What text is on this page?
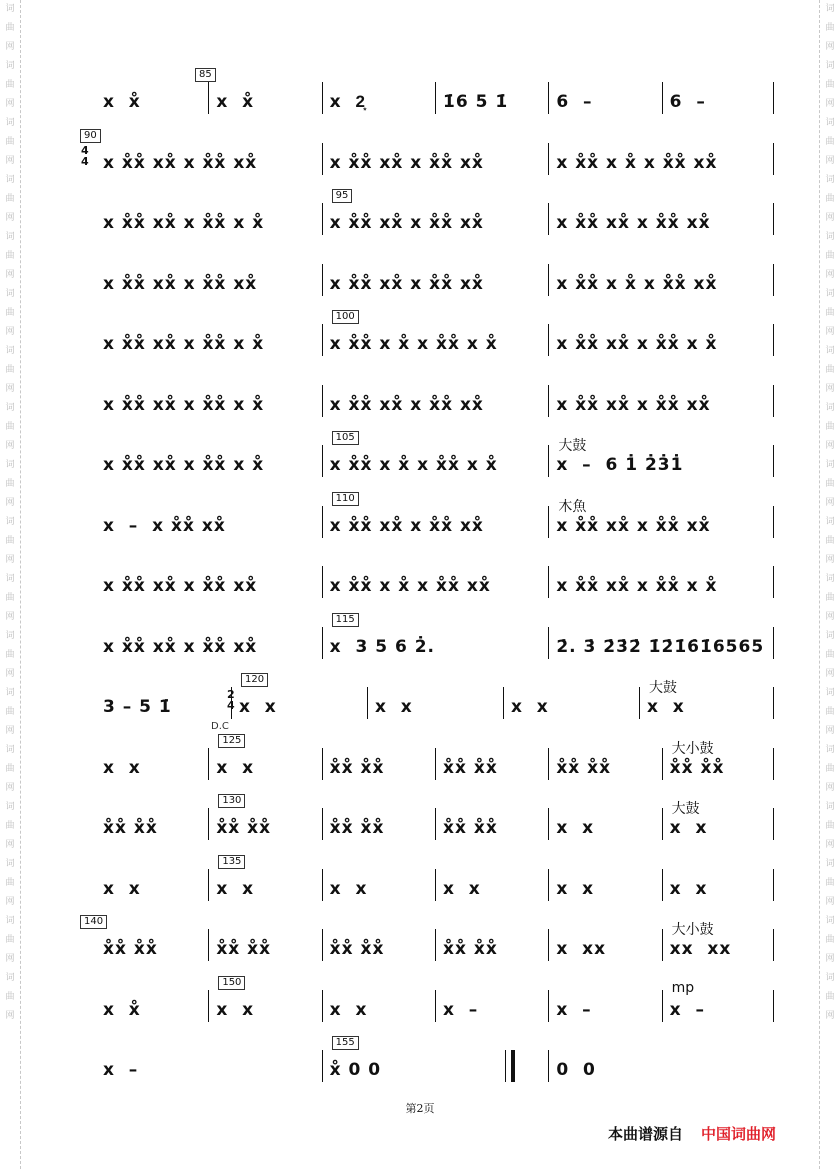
词
曲
网
词
曲
网
词
曲
网
词
曲
网
词
曲
网
词
曲
网
词
曲
网
词
曲
网
词
曲
网
词
曲
网
词
曲
网
词
曲
网
词
曲
网
词
曲
网
词
曲
网
词
曲
网
词
曲
网
词
曲
网
词
曲
网
词
曲
网
词
曲
网
词
曲
网
词
曲
网
词
曲
网
词
曲
网
词
曲
网
词
曲
网
词
曲
网
词
曲
网
词
曲
网
词
曲
网
词
曲
网
词
曲
网
词
曲
网
词
曲
网
词
曲
网
x  x̊	x  x̊	x  2͙	1̇6 5 1̇	6  –	6  –
85
x x̊x̊ xx̊ x x̊x̊ xx̊	x x̊x̊ xx̊ x x̊x̊ xx̊	x x̊x̊ x x̊ x x̊x̊ xx̊
90
4
4
x x̊x̊ xx̊ x x̊x̊ x x̊	x x̊x̊ xx̊ x x̊x̊ xx̊	x x̊x̊ xx̊ x x̊x̊ xx̊
95
x x̊x̊ xx̊ x x̊x̊ xx̊	x x̊x̊ xx̊ x x̊x̊ xx̊	x x̊x̊ x x̊ x x̊x̊ xx̊
x x̊x̊ xx̊ x x̊x̊ x x̊	x x̊x̊ x x̊ x x̊x̊ x x̊	x x̊x̊ xx̊ x x̊x̊ x x̊
100
x x̊x̊ xx̊ x x̊x̊ x x̊	x x̊x̊ xx̊ x x̊x̊ xx̊	x x̊x̊ xx̊ x x̊x̊ xx̊
x x̊x̊ xx̊ x x̊x̊ x x̊	x x̊x̊ x x̊ x x̊x̊ x x̊	x  –  6 1̇ 2̇3̇1̇
105
大鼓
x  –  x x̊x̊ xx̊	x x̊x̊ xx̊ x x̊x̊ xx̊	x x̊x̊ xx̊ x x̊x̊ xx̊
110
木魚
x x̊x̊ xx̊ x x̊x̊ xx̊	x x̊x̊ x x̊ x x̊x̊ xx̊	x x̊x̊ xx̊ x x̊x̊ x x̊
x x̊x̊ xx̊ x x̊x̊ xx̊	x  3 5 6 2̇.	2̇. 3̇ 2̇3̇2̇ 1̇2̇1̇6̇1̇6565
115
3 – 5 1̇	x  x	x  x	x  x	x  x
120
大鼓
2
4
D.C
x  x	x  x	x̊x̊ x̊x̊	x̊x̊ x̊x̊	x̊x̊ x̊x̊	x̊x̊ x̊x̊
125
大小鼓
x̊x̊ x̊x̊	x̊x̊ x̊x̊	x̊x̊ x̊x̊	x̊x̊ x̊x̊	x  x	x  x
130
大鼓
x  x	x  x	x  x	x  x	x  x	x  x
135
x̊x̊ x̊x̊	x̊x̊ x̊x̊	x̊x̊ x̊x̊	x̊x̊ x̊x̊	x  xx	xx  xx
140
大小鼓
x  x̊	x  x	x  x	x  –	x  –	x  –
150	mp
x  –	x̊ 0 0	0  0
155
第2页
本曲谱源自 中国词曲网
